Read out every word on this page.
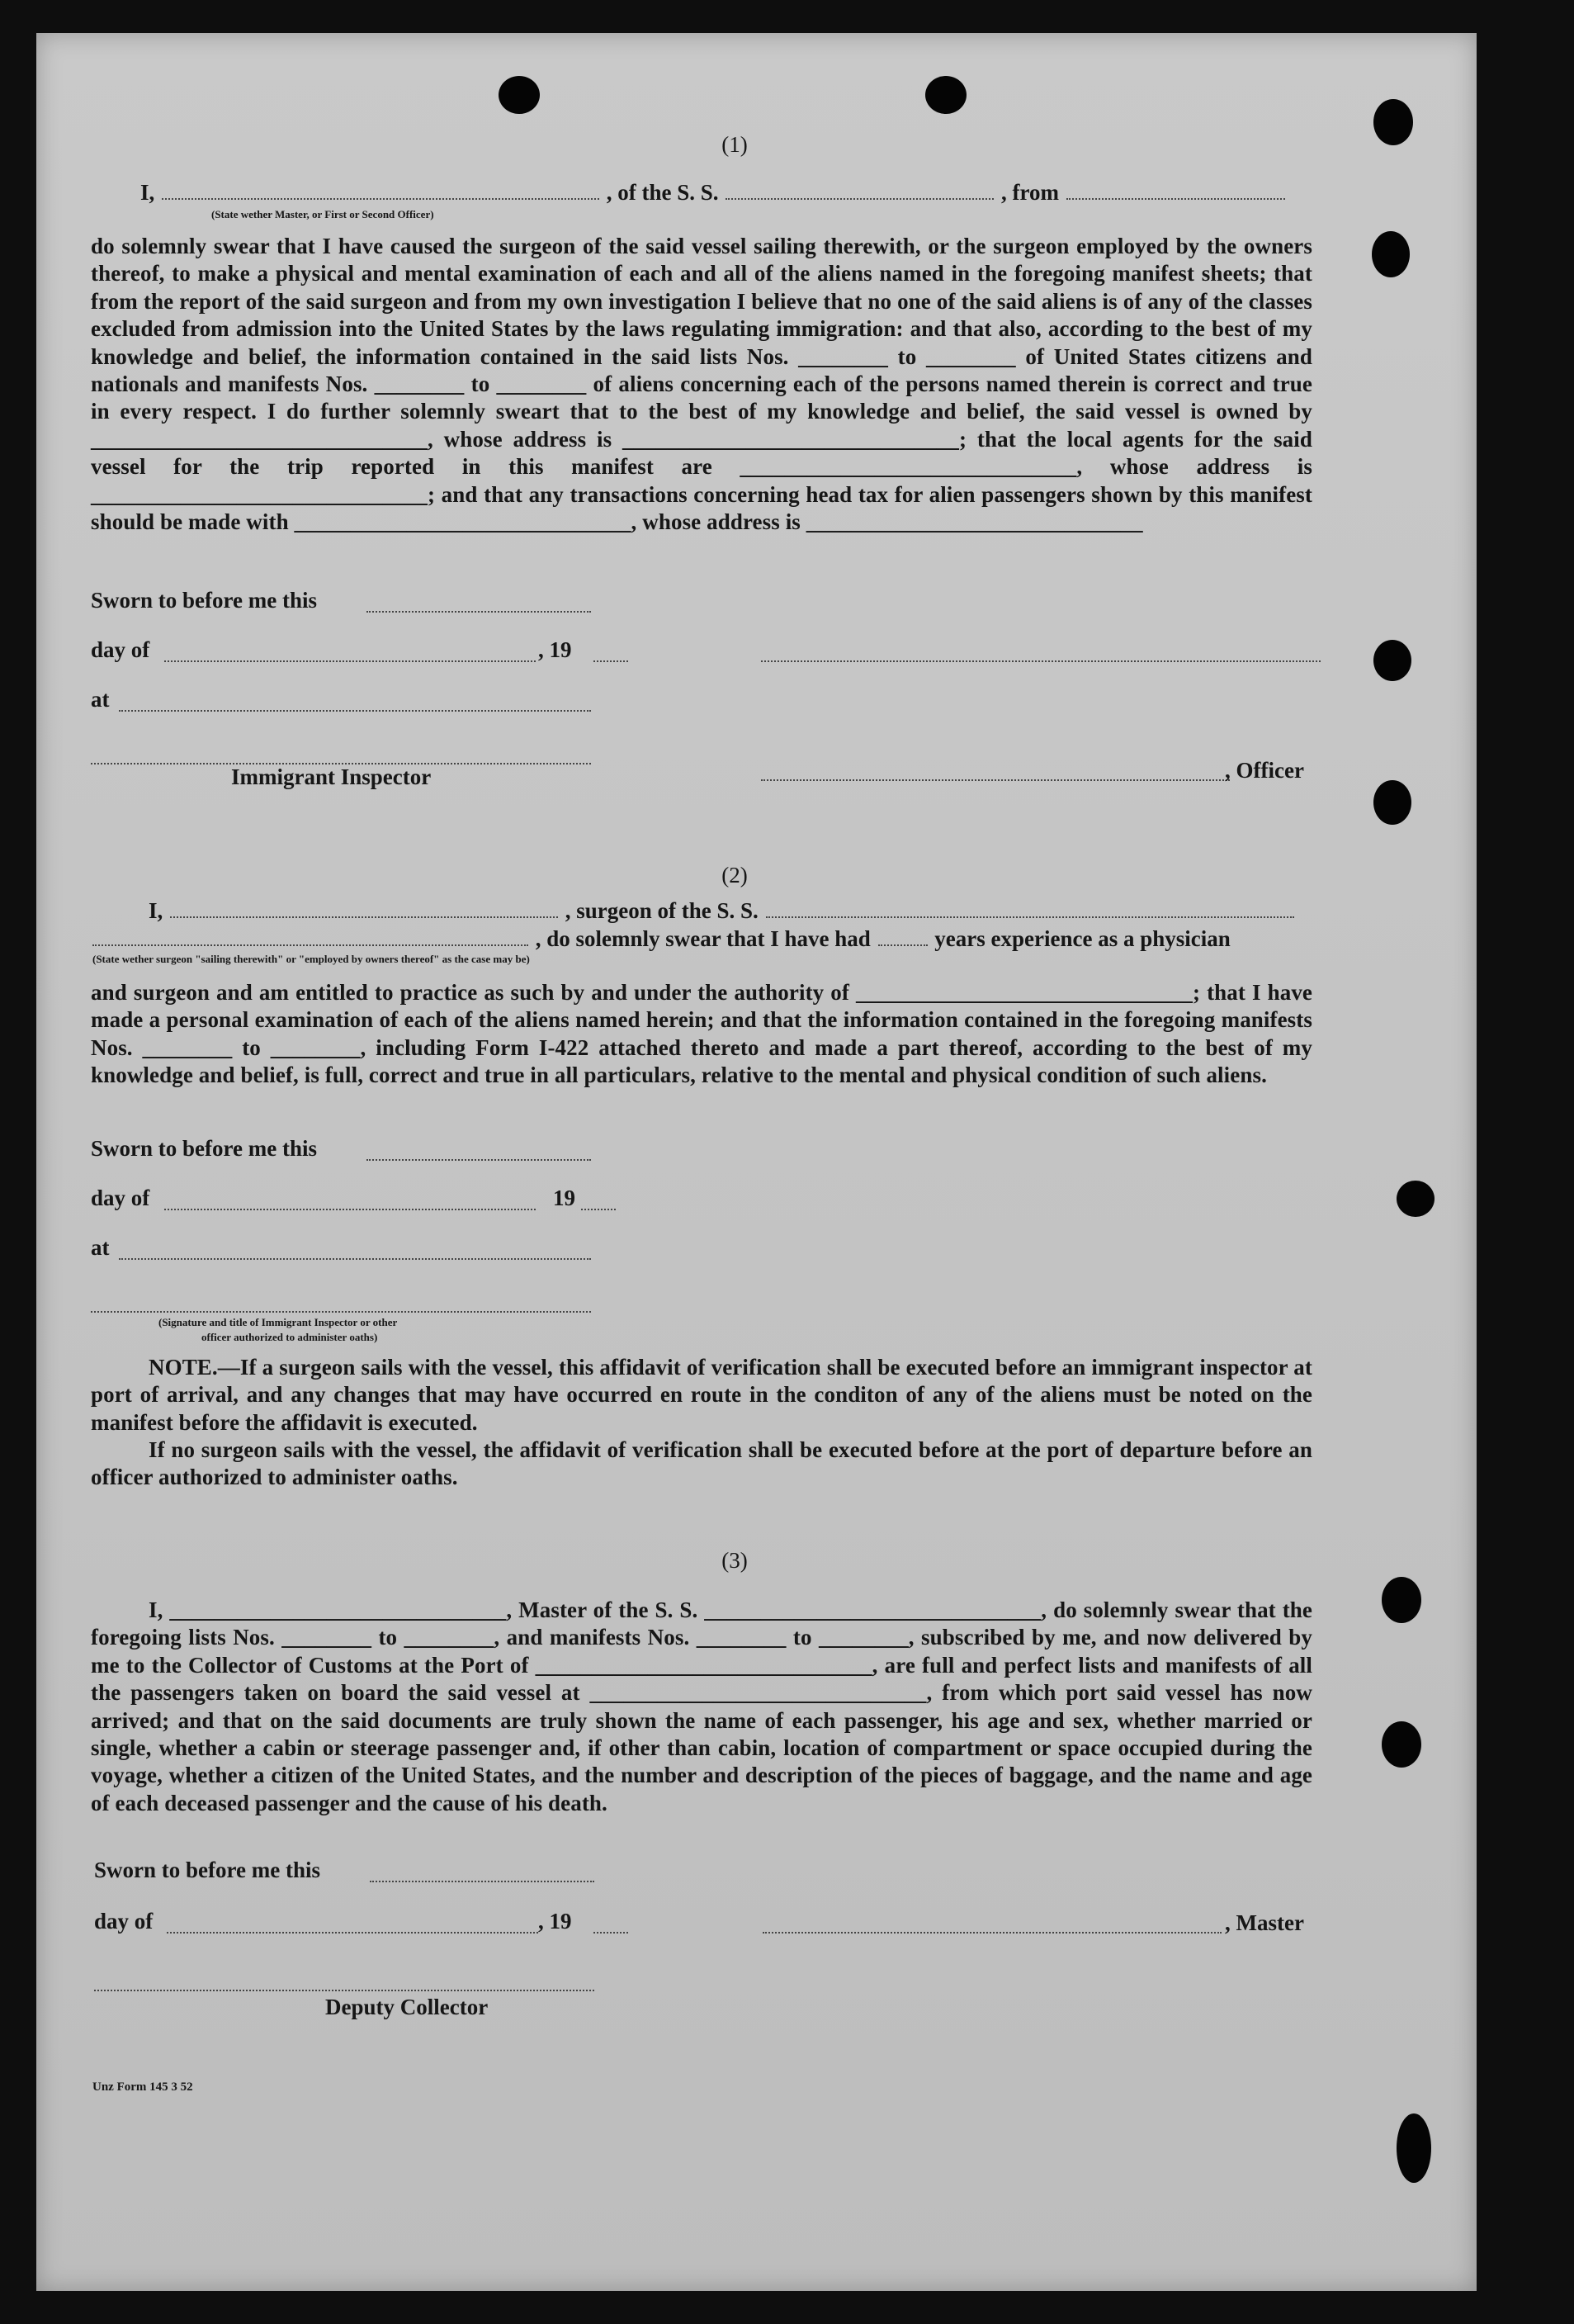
(1)
I,	, of the S. S.	, from
(State wether Master, or First or Second Officer)
do solemnly swear that I have caused the surgeon of the said vessel sailing therewith, or the surgeon employed by the owners thereof, to make a physical and mental examination of each and all of the aliens named in the foregoing manifest sheets; that from the report of the said surgeon and from my own investigation I believe that no one of the said aliens is of any of the classes excluded from admission into the United States by the laws regulating immigration: and that also, according to the best of my knowledge and belief, the information contained in the said lists Nos. ________ to ________ of United States citizens and nationals and manifests Nos. ________ to ________ of aliens concerning each of the persons named therein is correct and true in every respect. I do further solemnly sweart that to the best of my knowledge and belief, the said vessel is owned by ______________________________, whose address is ______________________________; that the local agents for the said vessel for the trip reported in this manifest are ______________________________, whose address is ______________________________; and that any transactions concerning head tax for alien passengers shown by this manifest should be made with ______________________________, whose address is ______________________________
Sworn to before me this
day of	, 19
at
Immigrant Inspector	, Officer
(2)
I,	, surgeon of the S. S.
, do solemnly swear that I have had	years experience as a physician
(State wether surgeon "sailing therewith" or "employed by owners thereof" as the case may be)
and surgeon and am entitled to practice as such by and under the authority of ______________________________; that I have made a personal examination of each of the aliens named herein; and that the information contained in the foregoing manifests Nos. ________ to ________, including Form I-422 attached thereto and made a part thereof, according to the best of my knowledge and belief, is full, correct and true in all particulars, relative to the mental and physical condition of such aliens.
Sworn to before me this
day of	19
at
(Signature and title of Immigrant Inspector or other
officer authorized to administer oaths)
NOTE.—If a surgeon sails with the vessel, this affidavit of verification shall be executed before an immigrant inspector at port of arrival, and any changes that may have occurred en route in the conditon of any of the aliens must be noted on the manifest before the affidavit is executed.
If no surgeon sails with the vessel, the affidavit of verification shall be executed before at the port of departure before an officer authorized to administer oaths.
(3)
I, ______________________________, Master of the S. S. ______________________________, do solemnly swear that the foregoing lists Nos. ________ to ________, and manifests Nos. ________ to ________, subscribed by me, and now delivered by me to the Collector of Customs at the Port of ______________________________, are full and perfect lists and manifests of all the passengers taken on board the said vessel at ______________________________, from which port said vessel has now arrived; and that on the said documents are truly shown the name of each passenger, his age and sex, whether married or single, whether a cabin or steerage passenger and, if other than cabin, location of compartment or space occupied during the voyage, whether a citizen of the United States, and the number and description of the pieces of baggage, and the name and age of each deceased passenger and the cause of his death.
Sworn to before me this
day of	, 19	, Master
Deputy Collector
Unz Form 145 3 52
